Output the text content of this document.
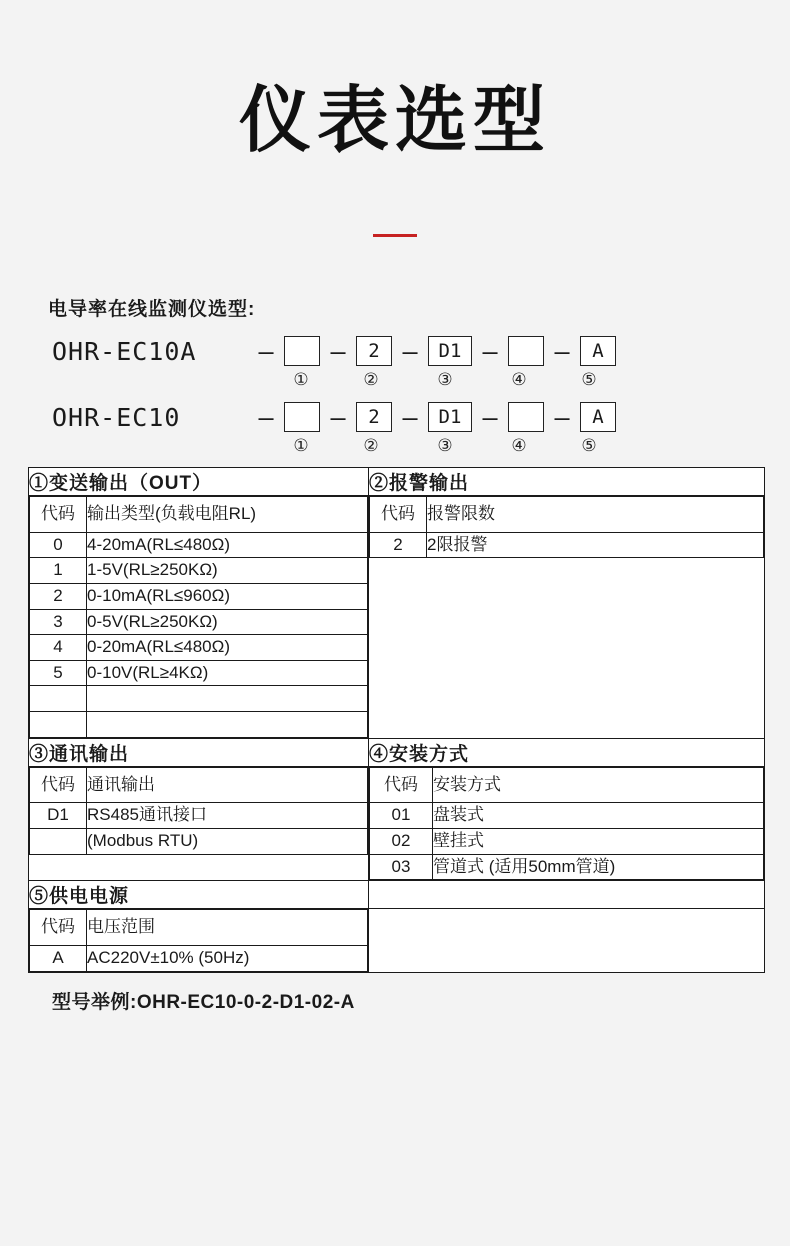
仪表选型
电导率在线监测仪选型:
OHR-EC10A	—	—	2 —	D1 —	—	A
①	②	③	④	⑤
OHR-EC10	—	—	2 —	D1 —	—	A
①	②	③	④	⑤
①变送输出（OUT）	②报警输出

代码	输出类型(负载电阻RL)
0	4-20mA(RL≤480Ω)
1	1-5V(RL≥250KΩ)
2	0-10mA(RL≤960Ω)
3	0-5V(RL≥250KΩ)
4	0-20mA(RL≤480Ω)
5	0-10V(RL≥4KΩ)

代码	报警限数
2	2限报警

③通讯输出	④安装方式

代码	通讯输出
D1	RS485通讯接口
	(Modbus RTU)

代码	安装方式
01	盘装式
02	壁挂式
03	管道式 (适用50mm管道)

⑤供电电源	

代码	电压范围
A	AC220V±10% (50Hz)

型号举例:OHR-EC10-0-2-D1-02-A
